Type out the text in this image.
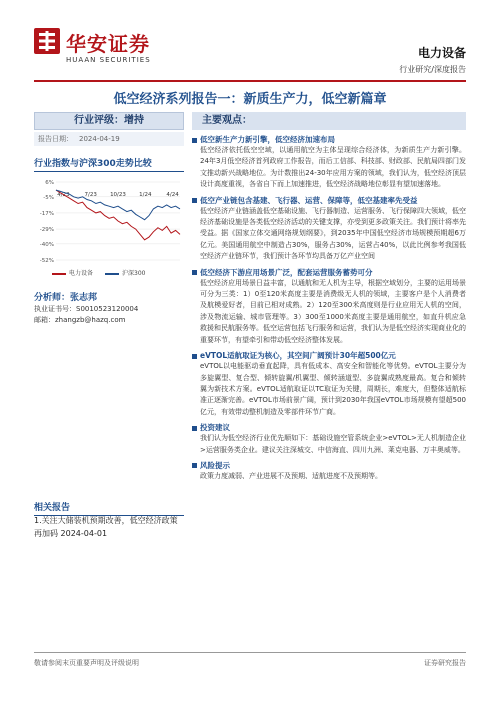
华安证券
HUAAN SECURITIES	电力设备
行业研究/深度报告
低空经济系列报告一：新质生产力，低空新篇章
行业评级：增持
报告日期： 2024-04-19
行业指数与沪深300走势比较
6%
-5%
-17%
-29%
-40%
-52%
4/23	7/23 10/23 1/24	4/24
电力设备	沪深300
分析师：张志邦
执业证书号：S0010523120004
邮箱：zhangzb@hazq.com
相关报告
1.关注大储装机预期改善，低空经济政策再加码 2024-04-01
主要观点：
低空新生产力新引擎，低空经济加速布局
低空经济依托低空空域，以通用航空为主体呈现综合经济体，为新质生产力新引擎。24年3月低空经济首列政府工作报告，而后工信部、科技部、财政部、民航局四部门发文推动新兴战略地位。为计数推出24-30年应用方案的领域，我们认为，低空经济顶层设计高度重视，各省自下而上加速推进，低空经济战略地位彰显有望加速落地。
低空产业链包含基建、飞行器、运营、保障等，低空基建率先受益
低空经济产业链涵盖低空基础设施、飞行器制造、运营服务、飞行保障四大领域，低空经济基础设施是各类低空经济活动的关键支撑，亦受到更多政策关注。我们预计将率先受益。据《国家立体交通网络规划纲要》，到2035年中国低空经济市场规模预期超6万亿元。美国通用航空中制造占30%，服务占30%，运营占40%，以此比例参考我国低空经济产业链环节，我们预计各环节均具备万亿产业空间
低空经济下游应用场景广泛，配套运营服务蓄势可分
低空经济应用场景日益丰富，以通航和无人机为主导，根据空域划分，主要的运用场景可分为三类：1）0至120米高度主要是消费级无人机的领域，主要客户是个人消费者及航模爱好者，目前已相对成熟。2）120至300米高度则是行业应用无人机的空间，涉及物流运输、城市管理等。3）300至1000米高度主要是通用航空，如直升机应急救援和民航服务等。低空运营包括飞行服务和运营，我们认为是低空经济实现商业化的重要环节，有望牵引和带动低空经济整体发展。
eVTOL适航取证为核心，其空间广阔预计30年超500亿元
eVTOL以电能驱动垂直起降，具有低成本、高安全和智能化等优势。eVTOL主要分为多旋翼型、复合型、倾转旋翼/机翼型、倾转涵道型、多旋翼成熟度最高。复合和倾转翼为新技术方案。eVTOL适航取证以TC取证为关键，周期长，难度大，但整体适航标准正逐渐完善。eVTOL市场前景广阔，预计到2030年我国eVTOL市场规模有望超500亿元，有效带动整机制造及零部件环节广商。
投资建议
我们认为低空经济行业优先顺如下：基础设施空管系统企业>eVTOL>无人机制造企业>运营服务类企业。建议关注深城交、中信海直、四川九洲、莱克电器、万丰奥威等。
风险提示
政策力度减弱、产业进展不及预期、适航进度不及预期等。
敬请参阅末页重要声明及评级说明	证券研究报告
